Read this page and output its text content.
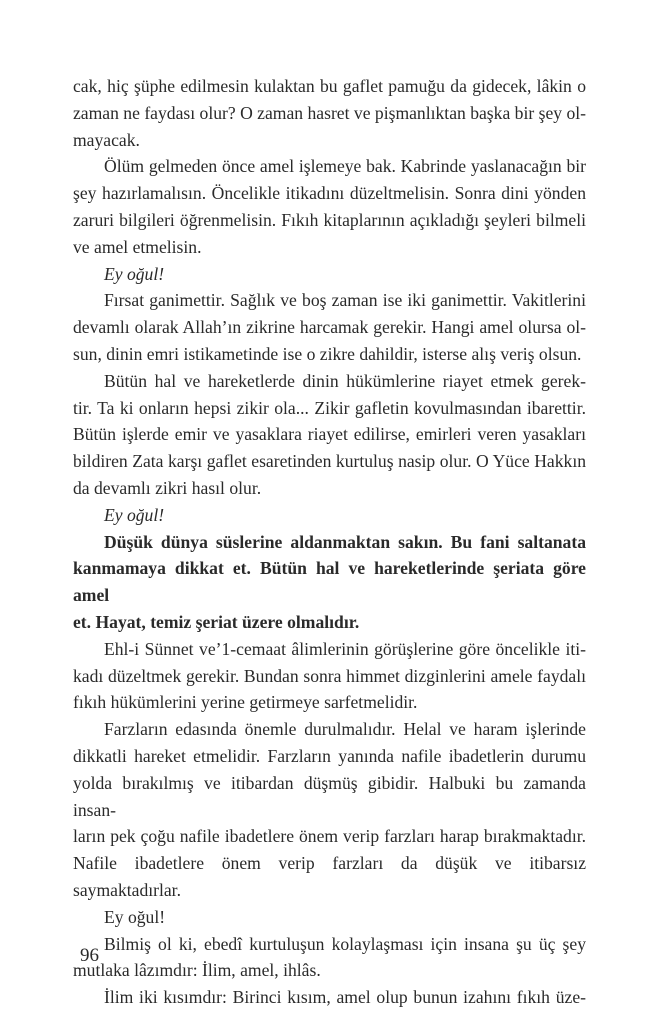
cak, hiç şüphe edilmesin kulaktan bu gaflet pamuğu da gidecek, lâkin o
zaman ne faydası olur? O zaman hasret ve pişmanlıktan başka bir şey ol-
mayacak.
Ölüm gelmeden önce amel işlemeye bak. Kabrinde yaslanacağın bir
şey hazırlamalısın. Öncelikle itikadını düzeltmelisin. Sonra dini yönden
zaruri bilgileri öğrenmelisin. Fıkıh kitaplarının açıkladığı şeyleri bilmeli
ve amel etmelisin.
Ey oğul!
Fırsat ganimettir. Sağlık ve boş zaman ise iki ganimettir. Vakitlerini
devamlı olarak Allah’ın zikrine harcamak gerekir. Hangi amel olursa ol-
sun, dinin emri istikametinde ise o zikre dahildir, isterse alış veriş olsun.
Bütün hal ve hareketlerde dinin hükümlerine riayet etmek gerek-
tir. Ta ki onların hepsi zikir ola... Zikir gafletin kovulmasından ibarettir.
Bütün işlerde emir ve yasaklara riayet edilirse, emirleri veren yasakları
bildiren Zata karşı gaflet esaretinden kurtuluş nasip olur. O Yüce Hakkın
da devamlı zikri hasıl olur.
Ey oğul!
Düşük dünya süslerine aldanmaktan sakın. Bu fani saltanata
kanmamaya dikkat et. Bütün hal ve hareketlerinde şeriata göre amel
et. Hayat, temiz şeriat üzere olmalıdır.
Ehl-i Sünnet ve’1-cemaat âlimlerinin görüşlerine göre öncelikle iti-
kadı düzeltmek gerekir. Bundan sonra himmet dizginlerini amele faydalı
fıkıh hükümlerini yerine getirmeye sarfetmelidir.
Farzların edasında önemle durulmalıdır. Helal ve haram işlerinde
dikkatli hareket etmelidir. Farzların yanında nafile ibadetlerin durumu
yolda bırakılmış ve itibardan düşmüş gibidir. Halbuki bu zamanda insan-
ların pek çoğu nafile ibadetlere önem verip farzları harap bırakmaktadır.
Nafile ibadetlere önem verip farzları da düşük ve itibarsız saymaktadırlar.
Ey oğul!
Bilmiş ol ki, ebedî kurtuluşun kolaylaşması için insana şu üç şey
mutlaka lâzımdır: İlim, amel, ihlâs.
İlim iki kısımdır: Birinci kısım, amel olup bunun izahını fıkıh üze-
96
